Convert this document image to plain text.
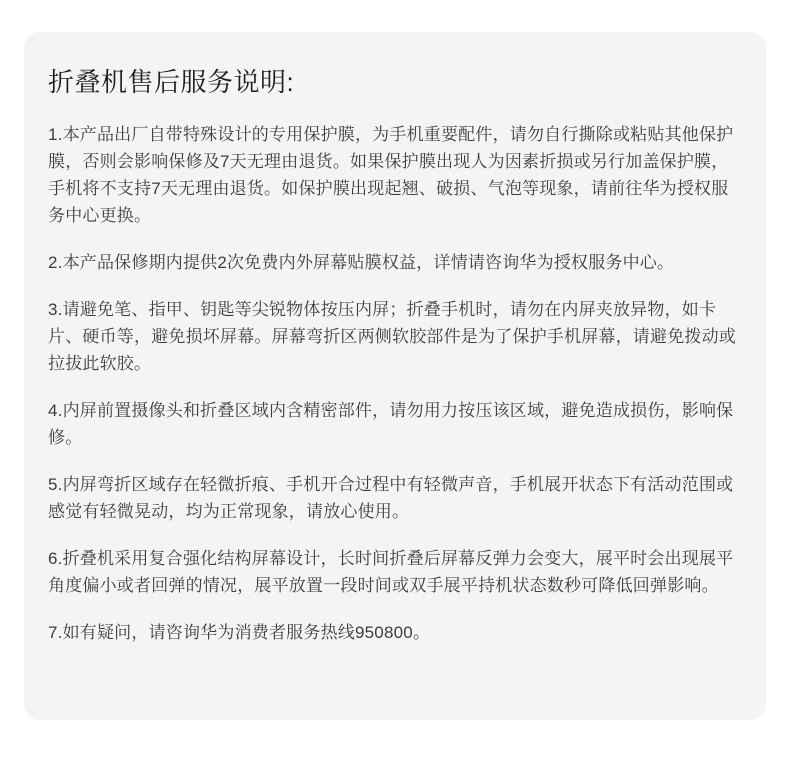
折叠机售后服务说明:

1.本产品出厂自带特殊设计的专用保护膜，为手机重要配件，请勿自行撕除或粘贴其他保护膜，否则会影响保修及7天无理由退货。如果保护膜出现人为因素折损或另行加盖保护膜，手机将不支持7天无理由退货。如保护膜出现起翘、破损、气泡等现象，请前往华为授权服务中心更换。

2.本产品保修期内提供2次免费内外屏幕贴膜权益，详情请咨询华为授权服务中心。

3.请避免笔、指甲、钥匙等尖锐物体按压内屏；折叠手机时，请勿在内屏夹放异物，如卡片、硬币等，避免损坏屏幕。屏幕弯折区两侧软胶部件是为了保护手机屏幕，请避免拨动或拉拔此软胶。

4.内屏前置摄像头和折叠区域内含精密部件，请勿用力按压该区域，避免造成损伤，影响保修。

5.内屏弯折区域存在轻微折痕、手机开合过程中有轻微声音，手机展开状态下有活动范围或感觉有轻微晃动，均为正常现象，请放心使用。

6.折叠机采用复合强化结构屏幕设计，长时间折叠后屏幕反弹力会变大，展平时会出现展平角度偏小或者回弹的情况，展平放置一段时间或双手展平持机状态数秒可降低回弹影响。

7.如有疑问，请咨询华为消费者服务热线950800。
